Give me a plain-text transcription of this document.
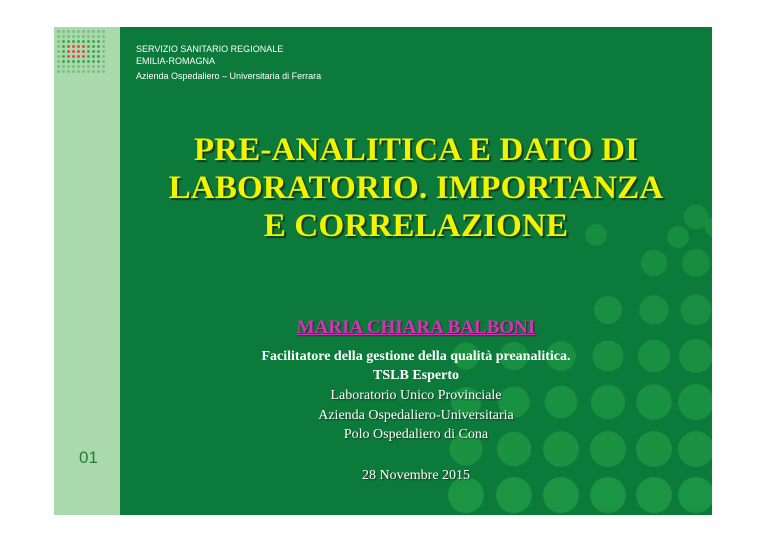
01
SERVIZIO SANITARIO REGIONALE
EMILIA-ROMAGNA
Azienda Ospedaliero – Universitaria di Ferrara
PRE-ANALITICA E DATO DI
LABORATORIO. IMPORTANZA
E CORRELAZIONE
MARIA CHIARA BALBONI
Facilitatore della gestione della qualità preanalitica.
TSLB Esperto
Laboratorio Unico Provinciale
Azienda Ospedaliero-Universitaria
Polo Ospedaliero di Cona
28 Novembre 2015
